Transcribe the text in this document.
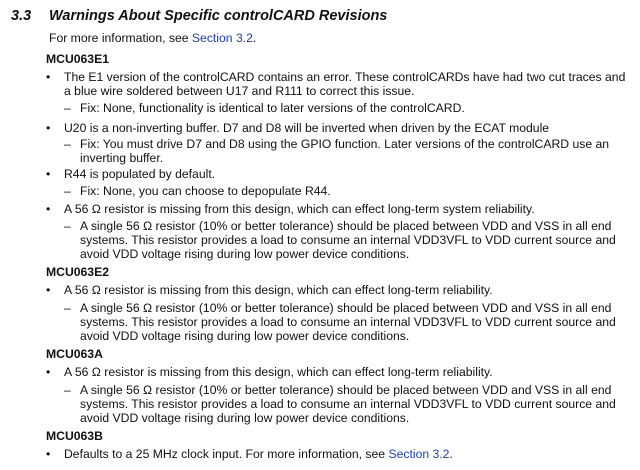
3.3 Warnings About Specific controlCARD Revisions
For more information, see Section 3.2.
MCU063E1
• The E1 version of the controlCARD contains an error. These controlCARDs have had two cut traces and a blue wire soldered between U17 and R111 to correct this issue.
– Fix: None, functionality is identical to later versions of the controlCARD.
• U20 is a non-inverting buffer. D7 and D8 will be inverted when driven by the ECAT module
– Fix: You must drive D7 and D8 using the GPIO function. Later versions of the controlCARD use an inverting buffer.
• R44 is populated by default.
– Fix: None, you can choose to depopulate R44.
• A 56 Ω resistor is missing from this design, which can effect long-term system reliability.
– A single 56 Ω resistor (10% or better tolerance) should be placed between VDD and VSS in all end systems. This resistor provides a load to consume an internal VDD3VFL to VDD current source and avoid VDD voltage rising during low power device conditions.
MCU063E2
• A 56 Ω resistor is missing from this design, which can effect long-term reliability.
– A single 56 Ω resistor (10% or better tolerance) should be placed between VDD and VSS in all end systems. This resistor provides a load to consume an internal VDD3VFL to VDD current source and avoid VDD voltage rising during low power device conditions.
MCU063A
• A 56 Ω resistor is missing from this design, which can effect long-term reliability.
– A single 56 Ω resistor (10% or better tolerance) should be placed between VDD and VSS in all end systems. This resistor provides a load to consume an internal VDD3VFL to VDD current source and avoid VDD voltage rising during low power device conditions.
MCU063B
• Defaults to a 25 MHz clock input. For more information, see Section 3.2.
